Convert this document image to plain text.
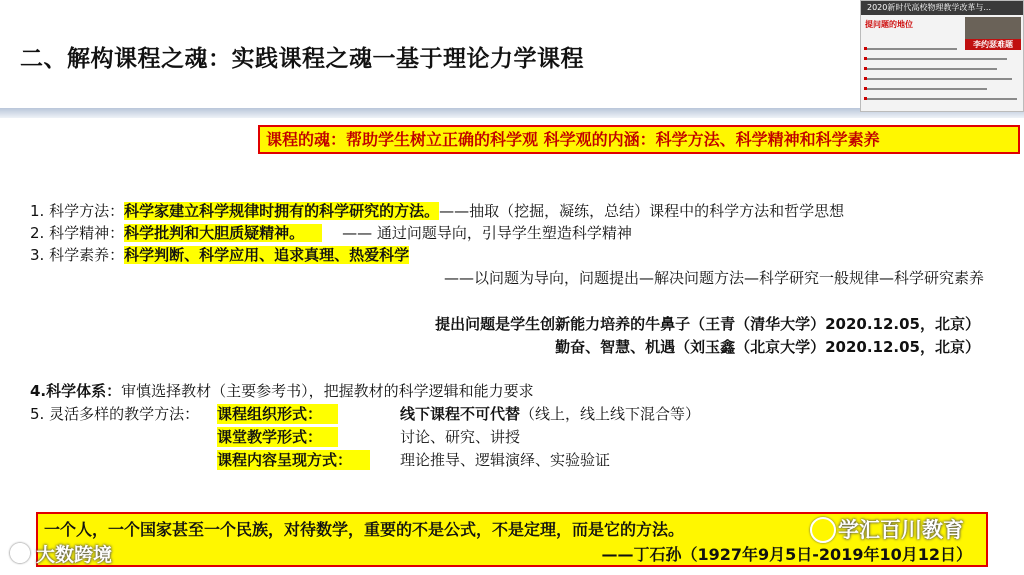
二、解构课程之魂：实践课程之魂一基于理论力学课程
2020新时代高校物理教学改革与...
提问题的地位
李约瑟难题
课程的魂：帮助学生树立正确的科学观 科学观的内涵：科学方法、科学精神和科学素养
1. 科学方法：科学家建立科学规律时拥有的科学研究的方法。——抽取（挖掘，凝练，总结）课程中的科学方法和哲学思想
2. 科学精神：科学批判和大胆质疑精神。	—— 通过问题导向，引导学生塑造科学精神
3. 科学素养：科学判断、科学应用、追求真理、热爱科学
——以问题为导向，问题提出—解决问题方法—科学研究一般规律—科学研究素养
提出问题是学生创新能力培养的牛鼻子（王青（清华大学）2020.12.05，北京）
勤奋、智慧、机遇（刘玉鑫（北京大学）2020.12.05，北京）
4.科学体系：审慎选择教材（主要参考书），把握教材的科学逻辑和能力要求
5. 灵活多样的教学方法： 课程组织形式：	线下课程不可代替（线上，线上线下混合等）
课堂教学形式：	讨论、研究、讲授
课程内容呈现方式：	理论推导、逻辑演绎、实验验证
一个人，一个国家甚至一个民族，对待数学，重要的不是公式，不是定理，而是它的方法。
——丁石孙（1927年9月5日-2019年10月12日）
学汇百川教育
大数跨境
